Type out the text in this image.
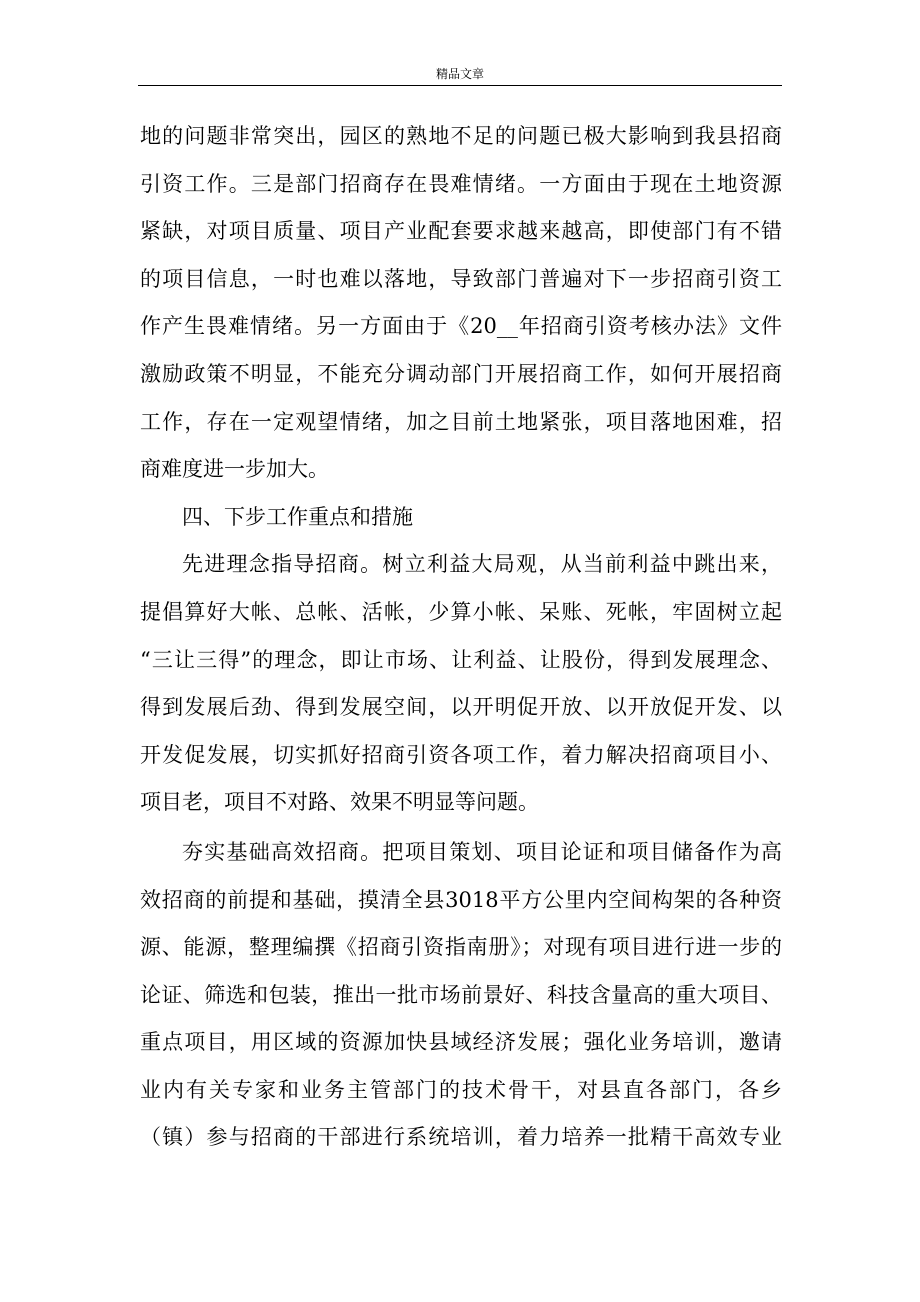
精品文章
地的问题非常突出，园区的熟地不足的问题已极大影响到我县招商
引资工作。三是部门招商存在畏难情绪。一方面由于现在土地资源
紧缺，对项目质量、项目产业配套要求越来越高，即使部门有不错
的项目信息，一时也难以落地，导致部门普遍对下一步招商引资工
作产生畏难情绪。另一方面由于《20__年招商引资考核办法》文件
激励政策不明显，不能充分调动部门开展招商工作，如何开展招商
工作，存在一定观望情绪，加之目前土地紧张，项目落地困难，招
商难度进一步加大。
四、下步工作重点和措施
先进理念指导招商。树立利益大局观，从当前利益中跳出来，
提倡算好大帐、总帐、活帐，少算小帐、呆账、死帐，牢固树立起
“三让三得”的理念，即让市场、让利益、让股份，得到发展理念、
得到发展后劲、得到发展空间，以开明促开放、以开放促开发、以
开发促发展，切实抓好招商引资各项工作，着力解决招商项目小、
项目老，项目不对路、效果不明显等问题。
夯实基础高效招商。把项目策划、项目论证和项目储备作为高
效招商的前提和基础，摸清全县3018平方公里内空间构架的各种资
源、能源，整理编撰《招商引资指南册》；对现有项目进行进一步的
论证、筛选和包装，推出一批市场前景好、科技含量高的重大项目、
重点项目，用区域的资源加快县域经济发展；强化业务培训，邀请
业内有关专家和业务主管部门的技术骨干，对县直各部门，各乡
（镇）参与招商的干部进行系统培训，着力培养一批精干高效专业
